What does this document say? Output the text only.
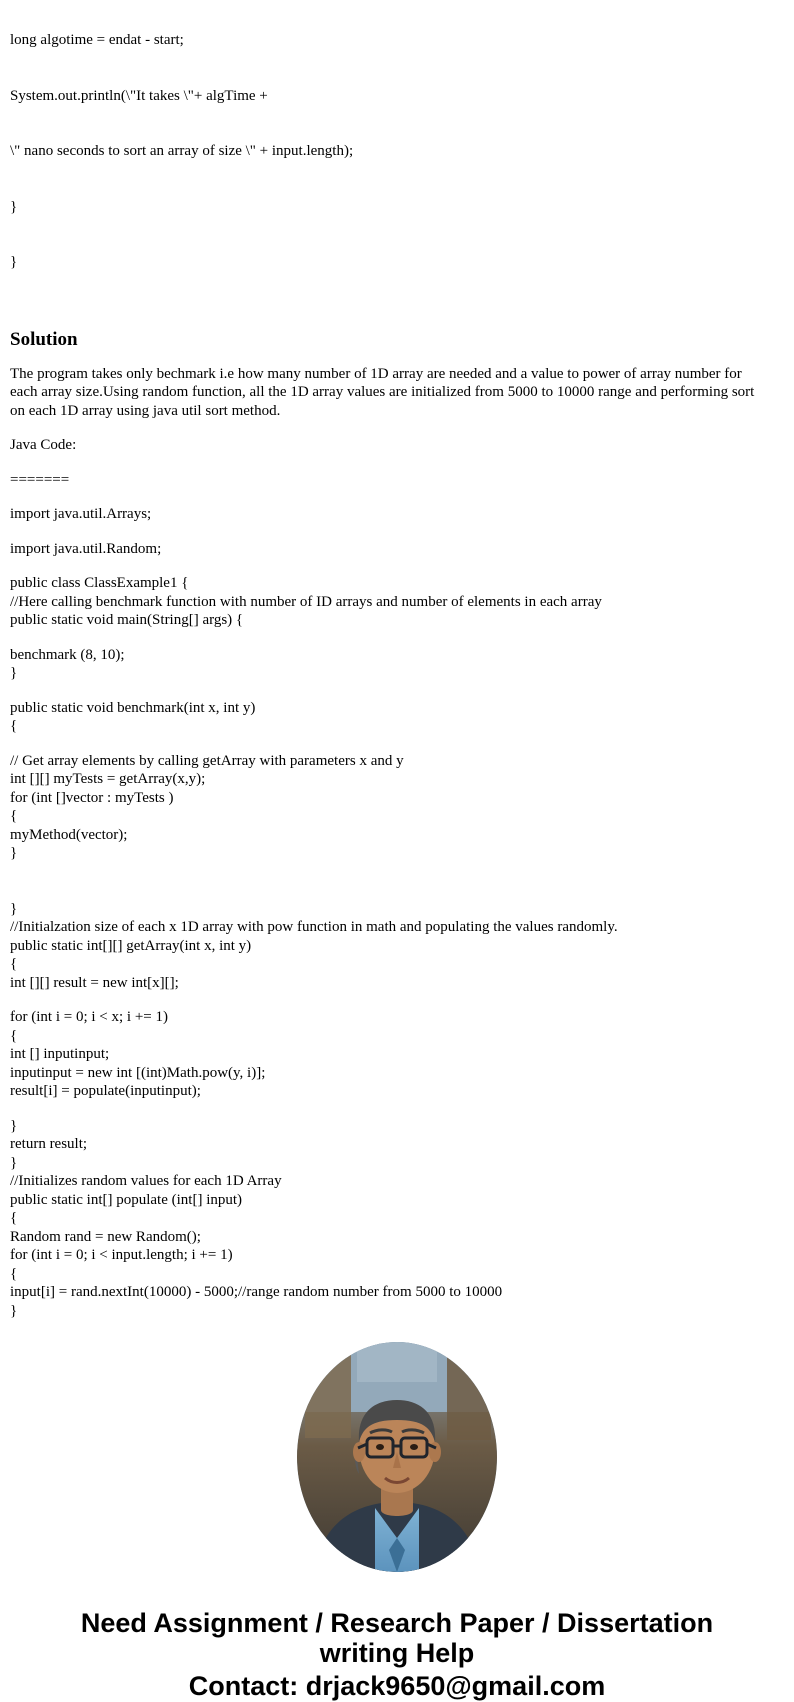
long algotime = endat - start;

System.out.println(\"It takes \"+ algTime +

\" nano seconds to sort an array of size \" + input.length);

}

}

Solution

The program takes only bechmark i.e how many number of 1D array are needed and a value to power of array number for each array size.Using random function, all the 1D array values are initialized from 5000 to 10000 range and performing sort on each 1D array using java util sort method.

Java Code:
=======
import java.util.Arrays;
import java.util.Random;
public class ClassExample1 {
//Here calling benchmark function with number of ID arrays and number of elements in each array
public static void main(String[] args) {
benchmark (8, 10);
}
public static void benchmark(int x, int y)
{
// Get array elements by calling getArray with parameters x and y
int [][] myTests = getArray(x,y);
for (int []vector : myTests )
{
myMethod(vector);
}

}
//Initialzation size of each x 1D array with pow function in math and populating the values randomly.
public static int[][] getArray(int x, int y)
{
int [][] result = new int[x][];
for (int i = 0; i < x; i += 1)
{
int [] inputinput;
inputinput = new int [(int)Math.pow(y, i)];
result[i] = populate(inputinput);
}
return result;
}
//Initializes random values for each 1D Array
public static int[] populate (int[] input)
{
Random rand = new Random();
for (int i = 0; i < input.length; i += 1)
{
input[i] = rand.nextInt(10000) - 5000;//range random number from 5000 to 10000
}
Need Assignment / Research Paper / Dissertation
writing Help
Contact: drjack9650@gmail.com
